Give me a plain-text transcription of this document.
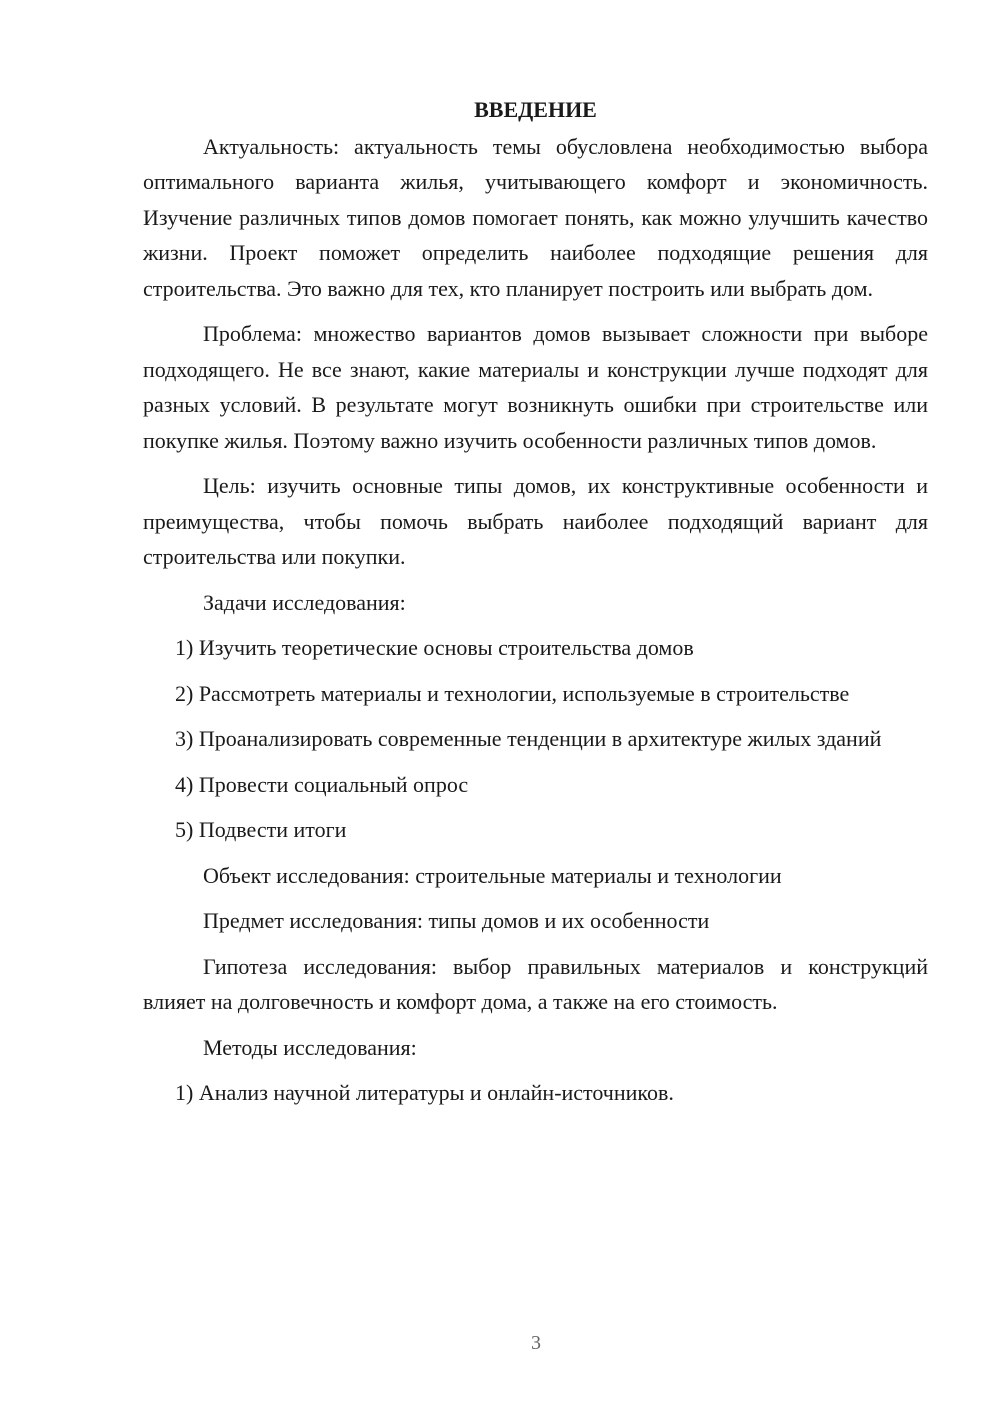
ВВЕДЕНИЕ

Актуальность: актуальность темы обусловлена необходимостью выбора оптимального варианта жилья, учитывающего комфорт и экономичность. Изучение различных типов домов помогает понять, как можно улучшить качество жизни. Проект поможет определить наиболее подходящие решения для строительства. Это важно для тех, кто планирует построить или выбрать дом.

Проблема: множество вариантов домов вызывает сложности при выборе подходящего. Не все знают, какие материалы и конструкции лучше подходят для разных условий. В результате могут возникнуть ошибки при строительстве или покупке жилья. Поэтому важно изучить особенности различных типов домов.

Цель: изучить основные типы домов, их конструктивные особенности и преимущества, чтобы помочь выбрать наиболее подходящий вариант для строительства или покупки.

Задачи исследования:

1) Изучить теоретические основы строительства домов

2) Рассмотреть материалы и технологии, используемые в строительстве

3) Проанализировать современные тенденции в архитектуре жилых зданий

4) Провести социальный опрос

5) Подвести итоги

Объект исследования: строительные материалы и технологии

Предмет исследования: типы домов и их особенности

Гипотеза исследования: выбор правильных материалов и конструкций влияет на долговечность и комфорт дома, а также на его стоимость.

Методы исследования:

1) Анализ научной литературы и онлайн-источников.

3
